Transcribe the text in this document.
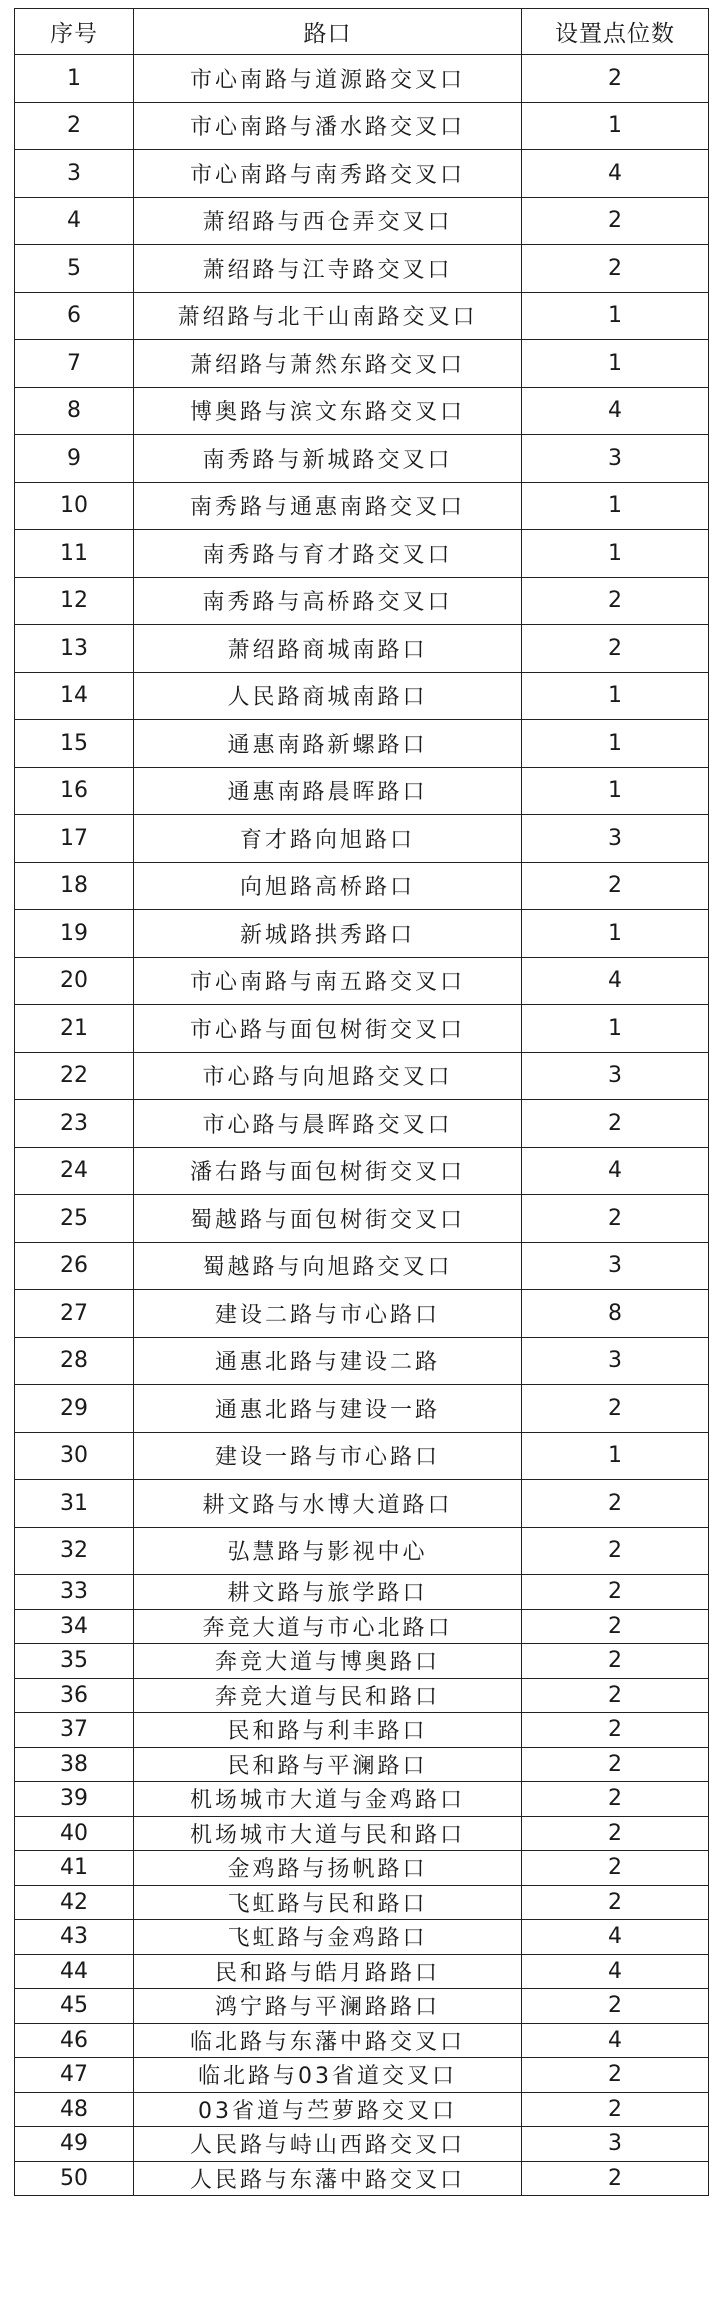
序号	路口	设置点位数
1	市心南路与道源路交叉口	2
2	市心南路与潘水路交叉口	1
3	市心南路与南秀路交叉口	4
4	萧绍路与西仓弄交叉口	2
5	萧绍路与江寺路交叉口	2
6	萧绍路与北干山南路交叉口	1
7	萧绍路与萧然东路交叉口	1
8	博奥路与滨文东路交叉口	4
9	南秀路与新城路交叉口	3
10	南秀路与通惠南路交叉口	1
11	南秀路与育才路交叉口	1
12	南秀路与高桥路交叉口	2
13	萧绍路商城南路口	2
14	人民路商城南路口	1
15	通惠南路新螺路口	1
16	通惠南路晨晖路口	1
17	育才路向旭路口	3
18	向旭路高桥路口	2
19	新城路拱秀路口	1
20	市心南路与南五路交叉口	4
21	市心路与面包树街交叉口	1
22	市心路与向旭路交叉口	3
23	市心路与晨晖路交叉口	2
24	潘右路与面包树街交叉口	4
25	蜀越路与面包树街交叉口	2
26	蜀越路与向旭路交叉口	3
27	建设二路与市心路口	8
28	通惠北路与建设二路	3
29	通惠北路与建设一路	2
30	建设一路与市心路口	1
31	耕文路与水博大道路口	2
32	弘慧路与影视中心	2
33	耕文路与旅学路口	2
34	奔竞大道与市心北路口	2
35	奔竞大道与博奥路口	2
36	奔竞大道与民和路口	2
37	民和路与利丰路口	2
38	民和路与平澜路口	2
39	机场城市大道与金鸡路口	2
40	机场城市大道与民和路口	2
41	金鸡路与扬帆路口	2
42	飞虹路与民和路口	2
43	飞虹路与金鸡路口	4
44	民和路与皓月路路口	4
45	鸿宁路与平澜路路口	2
46	临北路与东藩中路交叉口	4
47	临北路与03省道交叉口	2
48	03省道与苎萝路交叉口	2
49	人民路与峙山西路交叉口	3
50	人民路与东藩中路交叉口	2
